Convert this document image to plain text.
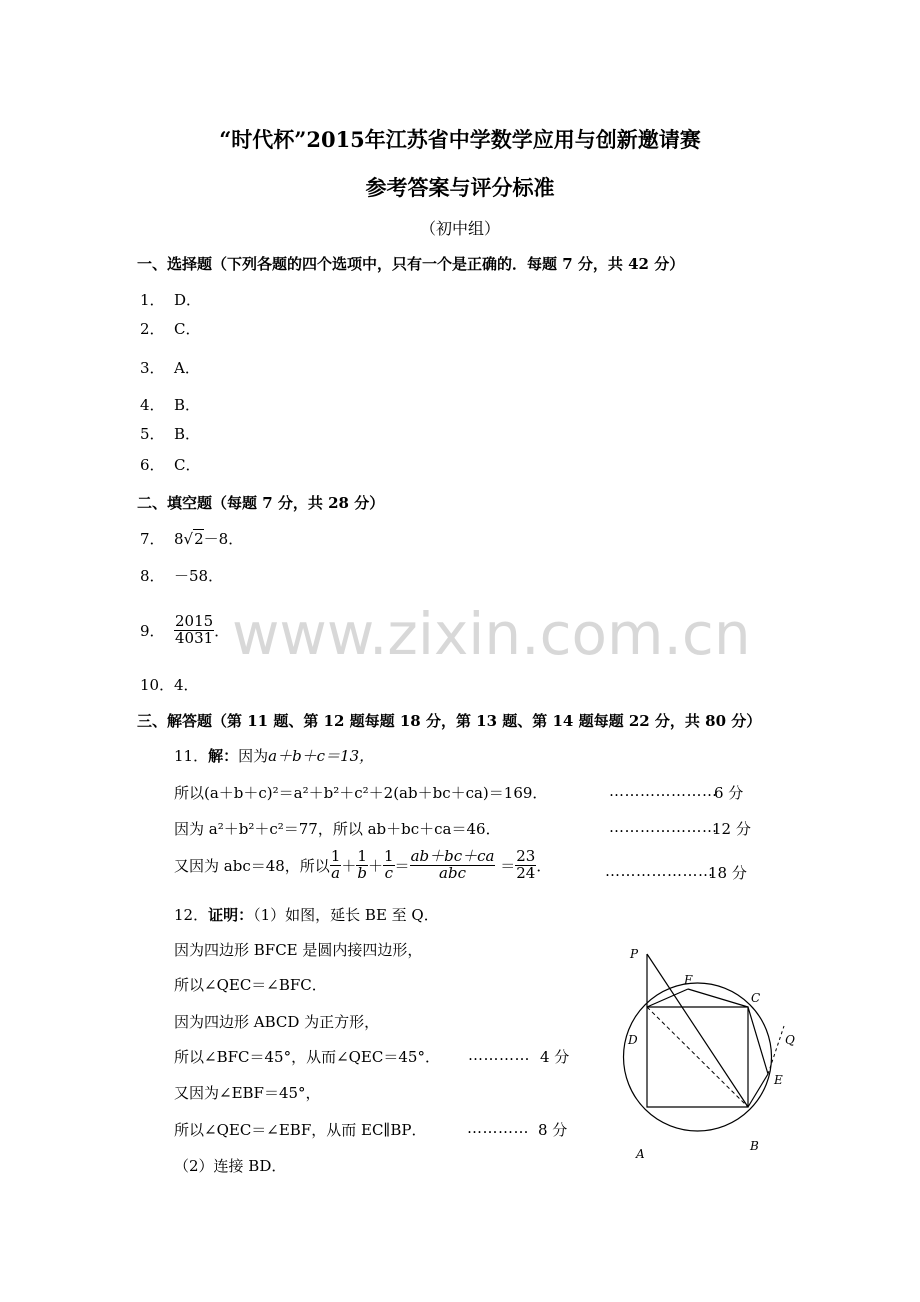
www.zixin.com.cn
“时代杯”2015年江苏省中学数学应用与创新邀请赛
参考答案与评分标准
（初中组）
一、选择题（下列各题的四个选项中，只有一个是正确的．每题 7 分，共 42 分）
1． D．
2． C．
3． A．
4． B．
5． B．
6． C．
二、填空题（每题 7 分，共 28 分）
7． 8√2－8．
8． －58．
9． $\frac{2015}{4031}$ ．
10．4．
三、解答题（第 11 题、第 12 题每题 18 分，第 13 题、第 14 题每题 22 分，共 80 分）
11．解：因为a＋b＋c＝13，
所以(a＋b＋c)²＝a²＋b²＋c²＋2(ab＋bc＋ca)＝169．	…………………
6 分
因为 a²＋b²＋c²＝77，所以 ab＋bc＋ca＝46．	…………………
12 分
又因为 abc＝48，所以 $\frac{1}{a} + \frac{1}{b} + \frac{1}{c} = \frac{ab+bc+ca}{\text{abc}} = \frac{23}{24}$ ．	…………………
18 分
12．证明：（1）如图，延长 BE 至 Q．
因为四边形 BFCE 是圆内接四边形，
所以∠QEC＝∠BFC．
因为四边形 ABCD 为正方形，
所以∠BFC＝45°，从而∠QEC＝45°． ………… 4 分
又因为∠EBF＝45°，
所以∠QEC＝∠EBF，从而 EC∥BP．	………… 8 分
（2）连接 BD．
P
F
C
Q
D
E
A
B
